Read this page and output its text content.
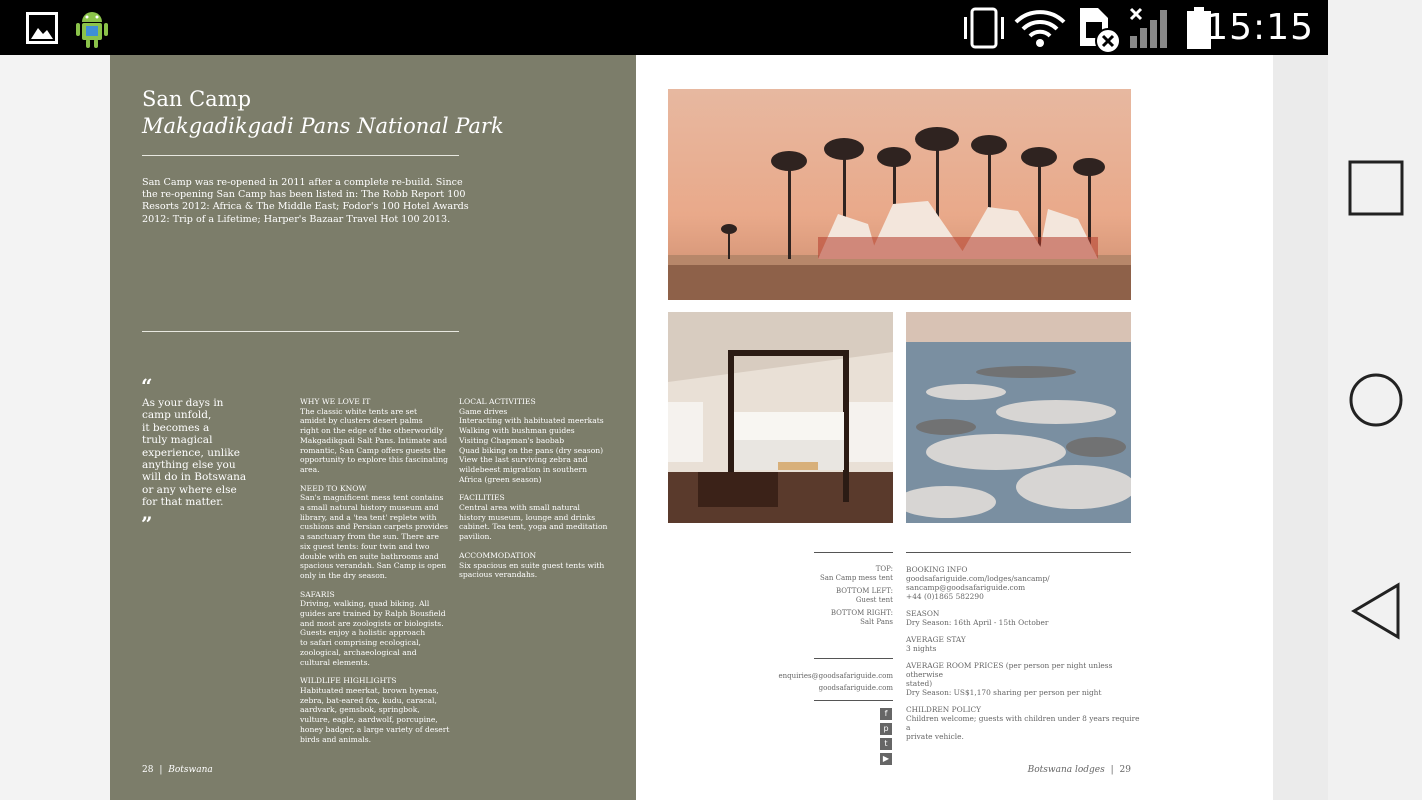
15:15
San Camp
Makgadikgadi Pans National Park
San Camp was re-opened in 2011 after a complete re-build. Since
the re-opening San Camp has been listed in: The Robb Report 100
Resorts 2012: Africa & The Middle East; Fodor's 100 Hotel Awards
2012: Trip of a Lifetime; Harper's Bazaar Travel Hot 100 2013.
“
As your days in
camp unfold,
it becomes a
truly magical
experience, unlike
anything else you
will do in Botswana
or any where else
for that matter.
”
WHY WE LOVE IT
The classic white tents are set
amidst by clusters desert palms
right on the edge of the otherworldly
Makgadikgadi Salt Pans. Intimate and
romantic, San Camp offers guests the
opportunity to explore this fascinating
area.
NEED TO KNOW
San's magnificent mess tent contains
a small natural history museum and
library, and a 'tea tent' replete with
cushions and Persian carpets provides
a sanctuary from the sun. There are
six guest tents: four twin and two
double with en suite bathrooms and
spacious verandah. San Camp is open
only in the dry season.
SAFARIS
Driving, walking, quad biking. All
guides are trained by Ralph Bousfield
and most are zoologists or biologists.
Guests enjoy a holistic approach
to safari comprising ecological,
zoological, archaeological and
cultural elements.
WILDLIFE HIGHLIGHTS
Habituated meerkat, brown hyenas,
zebra, bat-eared fox, kudu, caracal,
aardvark, gemsbok, springbok,
vulture, eagle, aardwolf, porcupine,
honey badger, a large variety of desert
birds and animals.
LOCAL ACTIVITIES
Game drives
Interacting with habituated meerkats
Walking with bushman guides
Visiting Chapman's baobab
Quad biking on the pans (dry season)
View the last surviving zebra and
wildebeest migration in southern
Africa (green season)
FACILITIES
Central area with small natural
history museum, lounge and drinks
cabinet. Tea tent, yoga and meditation
pavilion.
ACCOMMODATION
Six spacious en suite guest tents with
spacious verandahs.
28 | Botswana
TOP:
San Camp mess tent
BOTTOM LEFT:
Guest tent
BOTTOM RIGHT:
Salt Pans
enquiries@goodsafariguide.com
goodsafariguide.com
f
p
t
▶
BOOKING INFO
goodsafariguide.com/lodges/sancamp/
sancamp@goodsafariguide.com
+44 (0)1865 582290
SEASON
Dry Season: 16th April - 15th October
AVERAGE STAY
3 nights
AVERAGE ROOM PRICES (per person per night unless otherwise
stated)
Dry Season: US$1,170 sharing per person per night
CHILDREN POLICY
Children welcome; guests with children under 8 years require a
private vehicle.
Botswana lodges | 29
